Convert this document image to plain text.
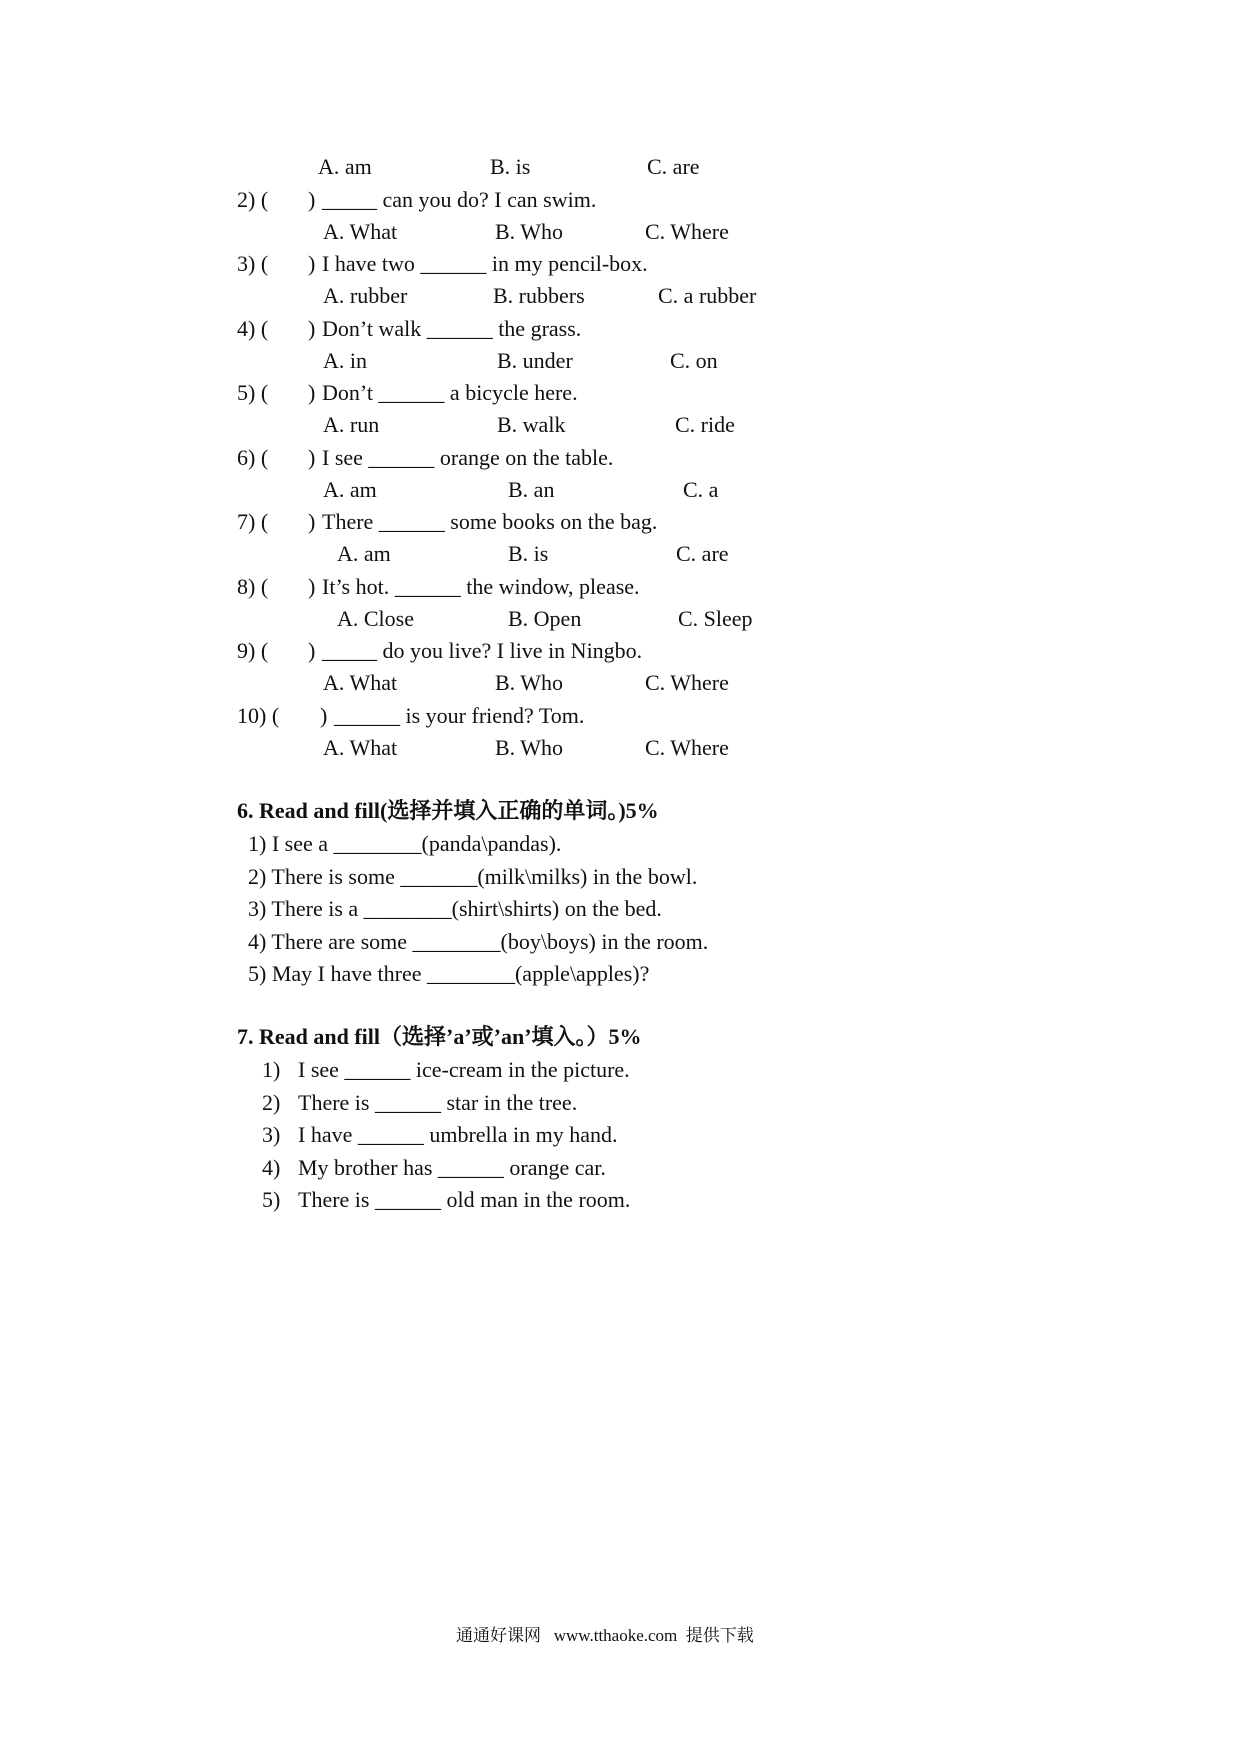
A. am	B. is	C. are
2) ( ) _____ can you do? I can swim.
A. What	B. Who	C. Where
3) ( ) I have two ______ in my pencil-box.
A. rubber	B. rubbers	C. a rubber
4) ( ) Don’t walk ______ the grass.
A. in	B. under	C. on
5) ( ) Don’t ______ a bicycle here.
A. run	B. walk	C. ride
6) ( ) I see ______ orange on the table.
A. am	B. an	C. a
7) ( ) There ______ some books on the bag.
A. am	B. is	C. are
8) ( ) It’s hot. ______ the window, please.
A. Close	B. Open	C. Sleep
9) ( ) _____ do you live? I live in Ningbo.
A. What	B. Who	C. Where
10) ( ) ______ is your friend? Tom.
A. What	B. Who	C. Where
6. Read and fill(选择并填入正确的单词。)5%
1) I see a ________(panda\pandas).
2) There is some _______(milk\milks) in the bowl.
3) There is a ________(shirt\shirts) on the bed.
4) There are some ________(boy\boys) in the room.
5) May I have three ________(apple\apples)?
7. Read and fill（选择’a’或’an’填入。）5%
1) I see ______ ice-cream in the picture.
2) There is ______ star in the tree.
3) I have ______ umbrella in my hand.
4) My brother has ______ orange car.
5) There is ______ old man in the room.
通通好课网   www.tthaoke.com  提供下载
